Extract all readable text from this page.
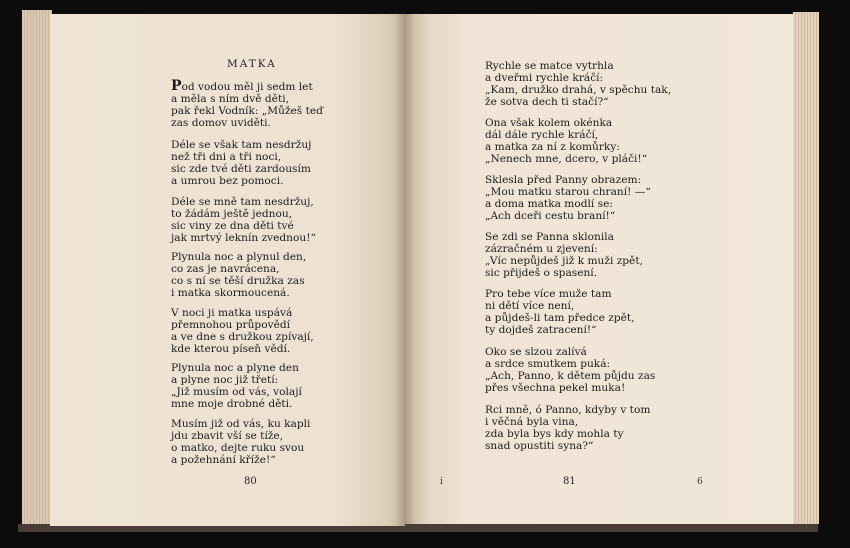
MATKA
Pod vodou měl ji sedm let
a měla s ním dvě děti,
pak řekl Vodník: „Můžeš teď
zas domov uviděti.
Déle se však tam nesdržuj
než tři dni a tři noci,
sic zde tvé děti zardousím
a umrou bez pomoci.
Déle se mně tam nesdržuj,
to žádám ještě jednou,
sic viny ze dna děti tvé
jak mrtvý leknín zvednou!“
Plynula noc a plynul den,
co zas je navrácena,
co s ní se těší družka zas
i matka skormoucená.
V noci ji matka uspává
přemnohou průpovědí
a ve dne s družkou zpívají,
kde kterou píseň vědí.
Plynula noc a plyne den
a plyne noc již třetí:
„Již musím od vás, volají
mne moje drobné děti.
Musím již od vás, ku kapli
jdu zbavit vší se tíže,
o matko, dejte ruku svou
a požehnání kříže!“
80
Rychle se matce vytrhla
a dveřmi rychle kráčí:
„Kam, družko drahá, v spěchu tak,
že sotva dech ti stačí?“
Ona však kolem okénka
dál dále rychle kráčí,
a matka za ní z komůrky:
„Nenech mne, dcero, v pláči!“
Sklesla před Panny obrazem:
„Mou matku starou chraní! —“
a doma matka modlí se:
„Ach dceři cestu braní!“
Se zdi se Panna sklonila
zázračném u zjevení:
„Víc nepůjdeš již k muži zpět,
sic přijdeš o spasení.
Pro tebe více muže tam
ni dětí více není,
a půjdeš-li tam předce zpět,
ty dojdeš zatracení!“
Oko se slzou zalívá
a srdce smutkem puká:
„Ach, Panno, k dětem půjdu zas
přes všechna pekel muka!
Rci mně, ó Panno, kdyby v tom
i věčná byla vina,
zda byla bys kdy mohla ty
snad opustiti syna?“
i	81	6
